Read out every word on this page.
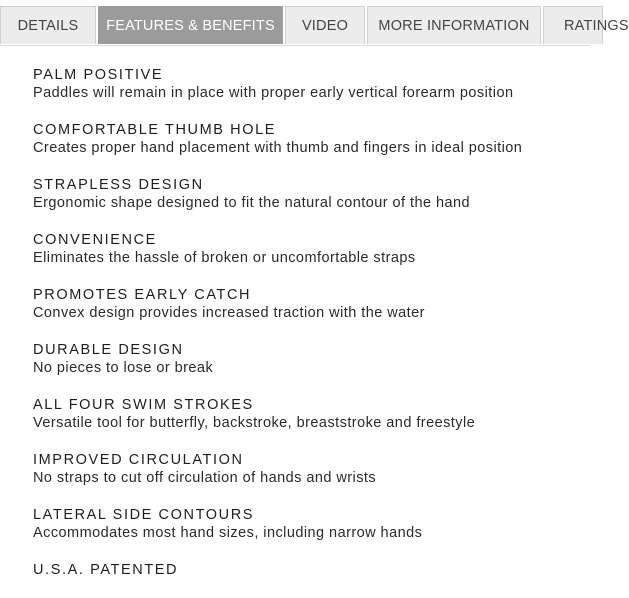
DETAILS	FEATURES & BENEFITS	VIDEO	MORE INFORMATION	RATINGS
PALM POSITIVE
Paddles will remain in place with proper early vertical forearm position
COMFORTABLE THUMB HOLE
Creates proper hand placement with thumb and fingers in ideal position
STRAPLESS DESIGN
Ergonomic shape designed to fit the natural contour of the hand
CONVENIENCE
Eliminates the hassle of broken or uncomfortable straps
PROMOTES EARLY CATCH
Convex design provides increased traction with the water
DURABLE DESIGN
No pieces to lose or break
ALL FOUR SWIM STROKES
Versatile tool for butterfly, backstroke, breaststroke and freestyle
IMPROVED CIRCULATION
No straps to cut off circulation of hands and wrists
LATERAL SIDE CONTOURS
Accommodates most hand sizes, including narrow hands
U.S.A. PATENTED
